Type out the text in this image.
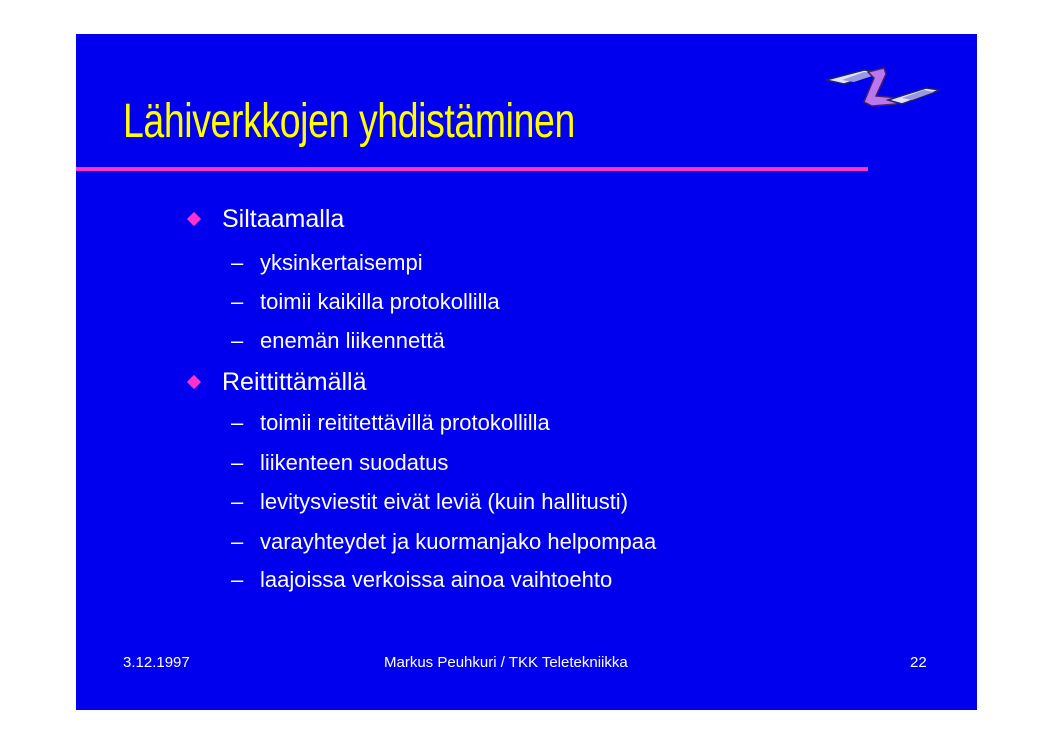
Lähiverkkojen yhdistäminen
Siltaamalla
– yksinkertaisempi
– toimii kaikilla protokollilla
– enemän liikennettä
Reittittämällä
– toimii reititettävillä protokollilla
– liikenteen suodatus
– levitysviestit eivät leviä (kuin hallitusti)
– varayhteydet ja kuormanjako helpompaa
– laajoissa verkoissa ainoa vaihtoehto
3.12.1997	Markus Peuhkuri / TKK Teletekniikka	22
